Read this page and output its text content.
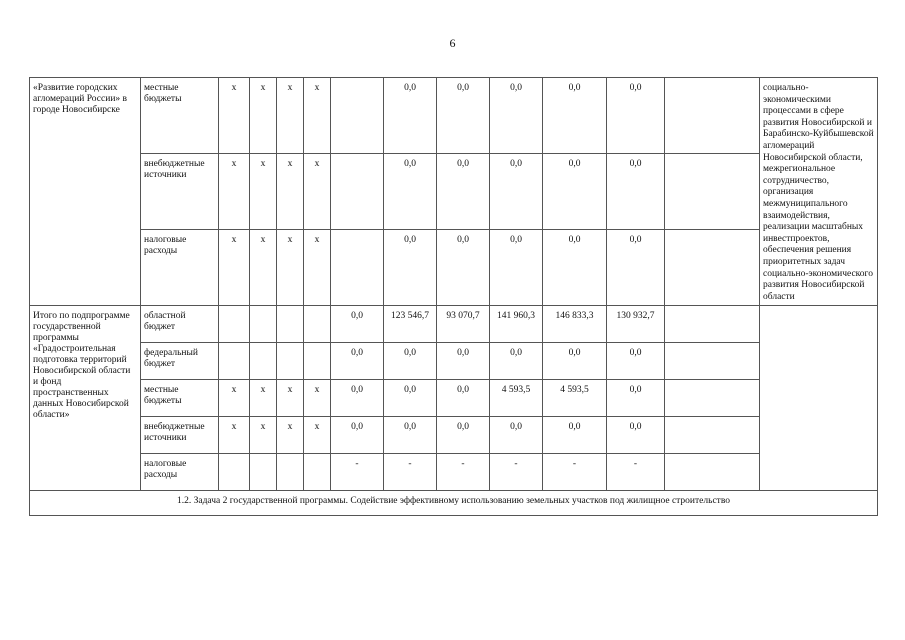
6
«Развитие городских агломераций России» в городе Новосибирске	местные бюджеты	х	х	х	х		0,0	0,0	0,0	0,0	0,0		социально-экономическими процессами в сфере развития Новосибирской и Барабинско-Куйбышевской агломераций Новосибирской области, межрегиональное сотрудничество, организация межмуниципального взаимодействия, реализации масштабных инвестпроектов, обеспечения решения приоритетных задач социально-экономического развития Новосибирской области
	внебюджетные источники	х	х	х	х		0,0	0,0	0,0	0,0	0,0		
	налоговые расходы	х	х	х	х		0,0	0,0	0,0	0,0	0,0		
Итого по подпрограмме государственной программы «Градостроительная подготовка территорий Новосибирской области и фонд пространственных данных Новосибирской области»	областной бюджет					0,0	123 546,7	93 070,7	141 960,3	146 833,3	130 932,7		
	федеральный бюджет					0,0	0,0	0,0	0,0	0,0	0,0		
	местные бюджеты	х	х	х	х	0,0	0,0	0,0	4 593,5	4 593,5	0,0		
	внебюджетные источники	х	х	х	х	0,0	0,0	0,0	0,0	0,0	0,0		
	налоговые расходы					-	-	-	-	-	-		
1.2. Задача 2 государственной программы. Содействие эффективному использованию земельных участков под жилищное строительство													
